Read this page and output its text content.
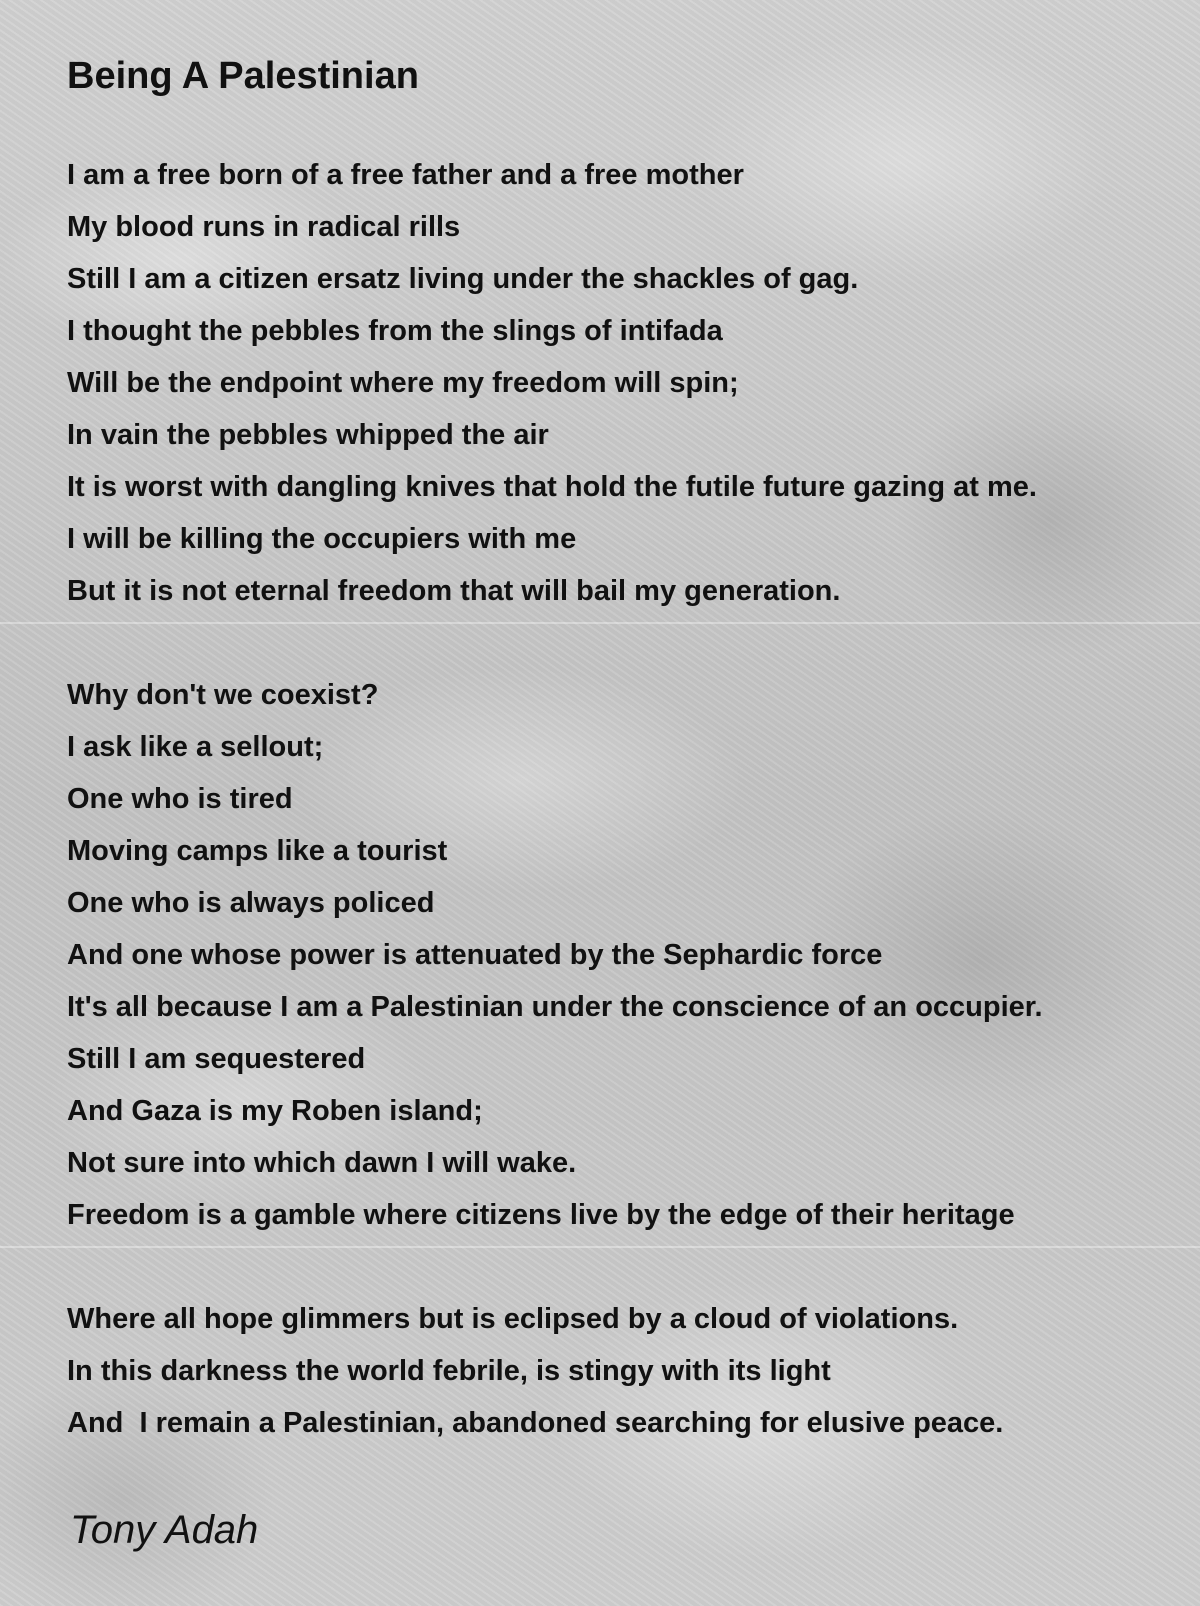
Being A Palestinian
I am a free born of a free father and a free mother
My blood runs in radical rills
Still I am a citizen ersatz living under the shackles of gag.
I thought the pebbles from the slings of intifada
Will be the endpoint where my freedom will spin;
In vain the pebbles whipped the air
It is worst with dangling knives that hold the futile future gazing at me.
I will be killing the occupiers with me
But it is not eternal freedom that will bail my generation.
Why don't we coexist?
I ask like a sellout;
One who is tired
Moving camps like a tourist
One who is always policed
And one whose power is attenuated by the Sephardic force
It's all because I am a Palestinian under the conscience of an occupier.
Still I am sequestered
And Gaza is my Roben island;
Not sure into which dawn I will wake.
Freedom is a gamble where citizens live by the edge of their heritage
Where all hope glimmers but is eclipsed by a cloud of violations.
In this darkness the world febrile, is stingy with its light
And  I remain a Palestinian, abandoned searching for elusive peace.
Tony Adah
